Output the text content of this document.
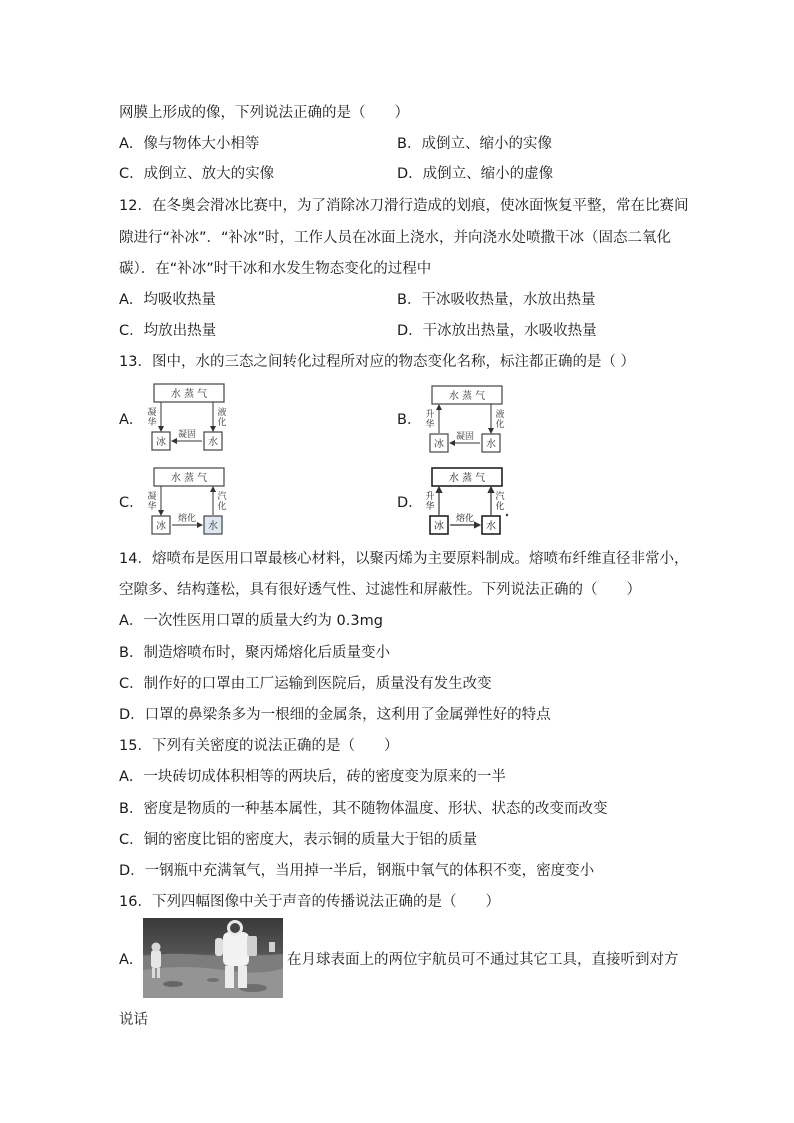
网膜上形成的像，下列说法正确的是（　　）
A．像与物体大小相等	B．成倒立、缩小的实像
C．成倒立、放大的实像	D．成倒立、缩小的虚像
12．在冬奥会滑冰比赛中，为了消除冰刀滑行造成的划痕，使冰面恢复平整，常在比赛间
隙进行“补冰”．“补冰”时，工作人员在冰面上浇水，并向浇水处喷撒干冰（固态二氧化
碳）．在“补冰”时干冰和水发生物态变化的过程中
A．均吸收热量	B．干冰吸收热量，水放出热量
C．均放出热量	D．干冰放出热量，水吸收热量
13．图中，水的三态之间转化过程所对应的物态变化名称，标注都正确的是（ ）
A．	B．
C．	D．
水 蒸 气
冰	水
凝
华
液
化
凝固
水 蒸 气
冰	水
升
华
液
化
凝固
水 蒸 气
冰	水
凝
华
汽
化
熔化
水 蒸 气
冰	水
升
华
汽
化
熔化
14．熔喷布是医用口罩最核心材料，以聚丙烯为主要原料制成。熔喷布纤维直径非常小，
空隙多、结构蓬松，具有很好透气性、过滤性和屏蔽性。下列说法正确的（　　）
A．一次性医用口罩的质量大约为 0.3mg
B．制造熔喷布时，聚丙烯熔化后质量变小
C．制作好的口罩由工厂运输到医院后，质量没有发生改变
D．口罩的鼻梁条多为一根细的金属条，这利用了金属弹性好的特点
15．下列有关密度的说法正确的是（　　）
A．一块砖切成体积相等的两块后，砖的密度变为原来的一半
B．密度是物质的一种基本属性，其不随物体温度、形状、状态的改变而改变
C．铜的密度比铝的密度大，表示铜的质量大于铝的质量
D．一钢瓶中充满氧气，当用掉一半后，钢瓶中氧气的体积不变，密度变小
16．下列四幅图像中关于声音的传播说法正确的是（　　）
A．	在月球表面上的两位宇航员可不通过其它工具，直接听到对方
说话
